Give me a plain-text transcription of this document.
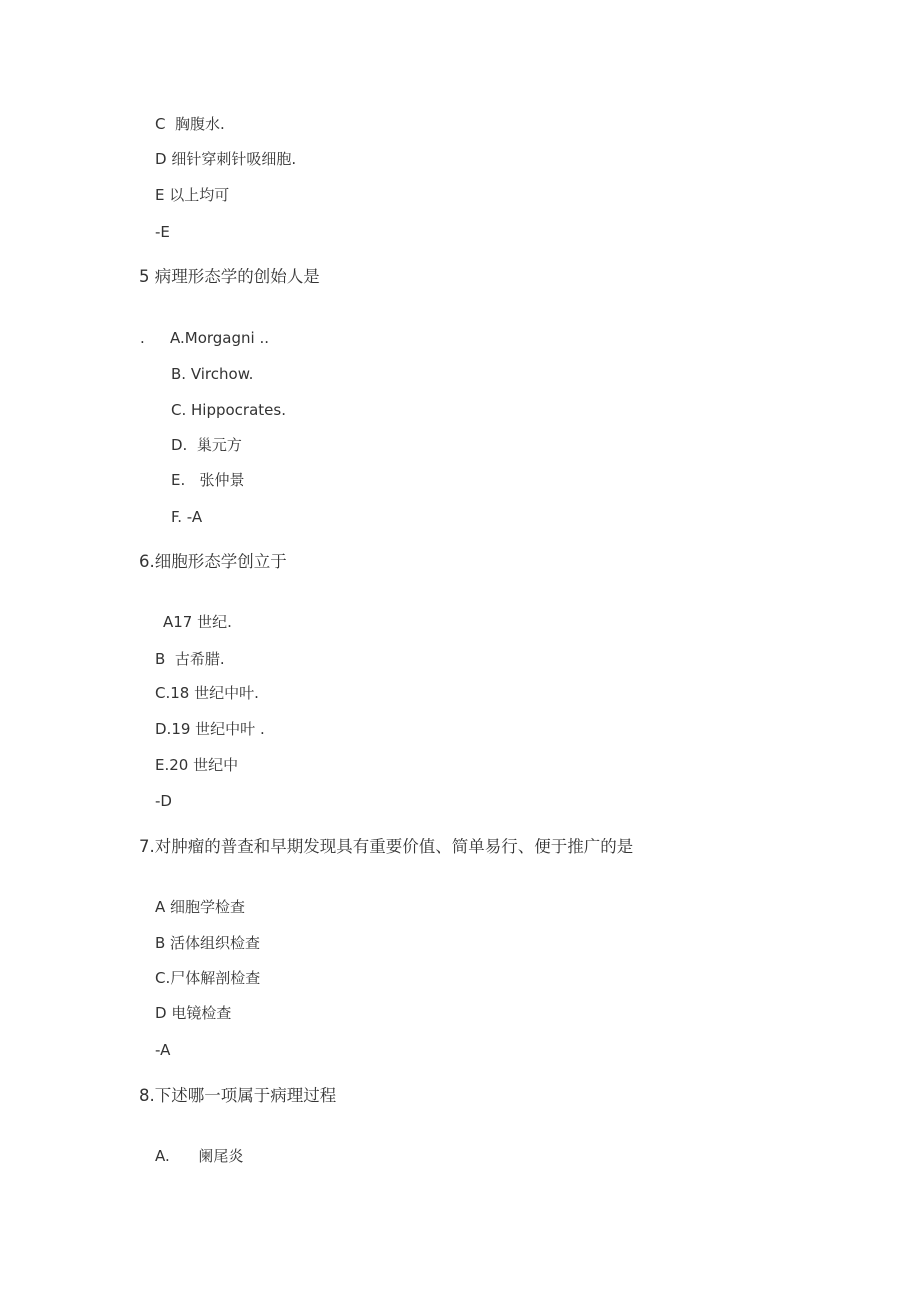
C  胸腹水.
D 细针穿刺针吸细胞.
E 以上均可
-E
5 病理形态学的创始人是
. A.Morgagni ..
B. Virchow.
C. Hippocrates.
D.  巢元方
E.   张仲景
F. -A
6.细胞形态学创立于
A17 世纪.
B  古希腊.
C.18 世纪中叶.
D.19 世纪中叶 .
E.20 世纪中
-D
7.对肿瘤的普查和早期发现具有重要价值、简单易行、便于推广的是
A 细胞学检查
B 活体组织检查
C.尸体解剖检查
D 电镜检查
-A
8.下述哪一项属于病理过程
A.      阑尾炎
